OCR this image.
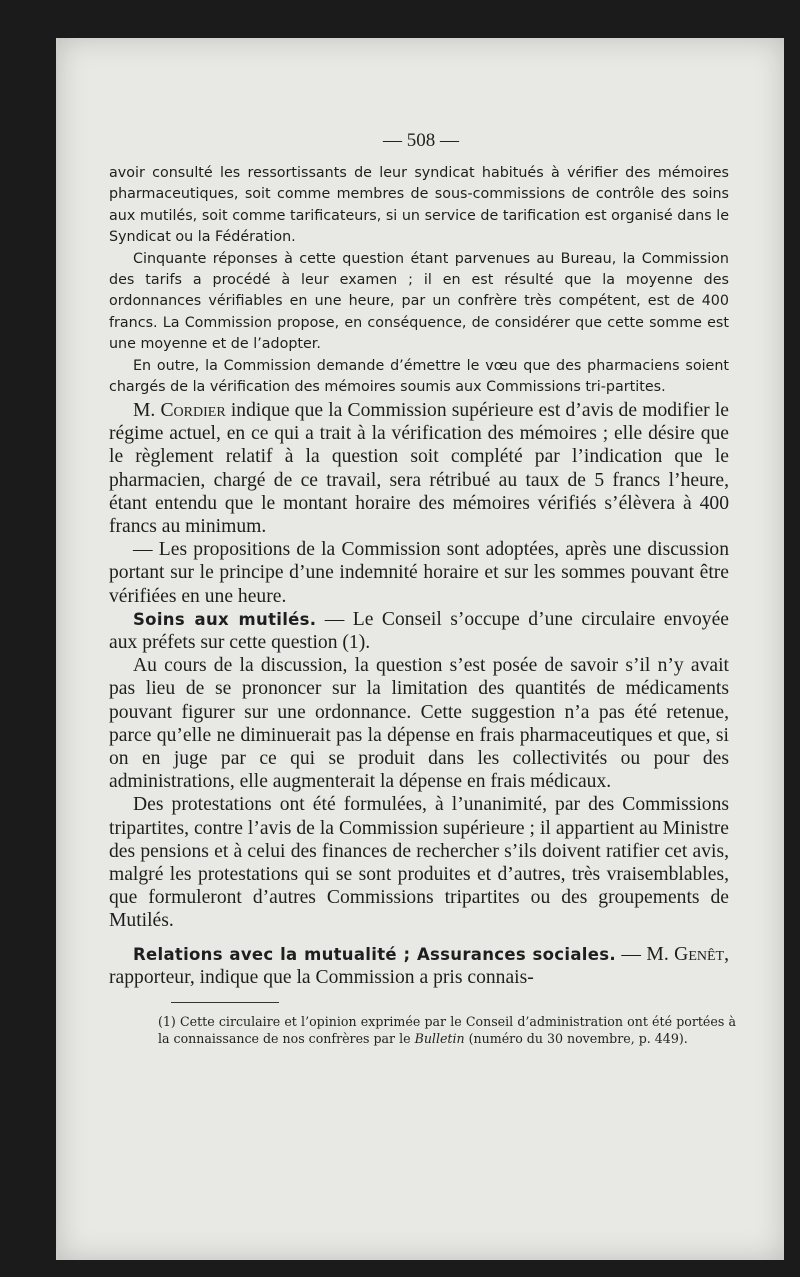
— 508 —

avoir consulté les ressortissants de leur syndicat habitués à vérifier des mémoires pharmaceutiques, soit comme membres de sous-commissions de contrôle des soins aux mutilés, soit comme tarificateurs, si un service de tarification est organisé dans le Syndicat ou la Fédération.

Cinquante réponses à cette question étant parvenues au Bureau, la Commission des tarifs a procédé à leur examen ; il en est résulté que la moyenne des ordonnances vérifiables en une heure, par un confrère très compétent, est de 400 francs. La Commission propose, en conséquence, de considérer que cette somme est une moyenne et de l’adopter.

En outre, la Commission demande d’émettre le vœu que des pharmaciens soient chargés de la vérification des mémoires soumis aux Commissions tri-partites.

M. Cordier indique que la Commission supérieure est d’avis de modifier le régime actuel, en ce qui a trait à la vérification des mémoires ; elle désire que le règlement relatif à la question soit complété par l’indication que le pharmacien, chargé de ce travail, sera rétribué au taux de 5 francs l’heure, étant entendu que le montant horaire des mémoires vérifiés s’élèvera à 400 francs au minimum.

— Les propositions de la Commission sont adoptées, après une discussion portant sur le principe d’une indemnité horaire et sur les sommes pouvant être vérifiées en une heure.

Soins aux mutilés. — Le Conseil s’occupe d’une circulaire envoyée aux préfets sur cette question (1).

Au cours de la discussion, la question s’est posée de savoir s’il n’y avait pas lieu de se prononcer sur la limitation des quantités de médicaments pouvant figurer sur une ordonnance. Cette suggestion n’a pas été retenue, parce qu’elle ne diminuerait pas la dépense en frais pharmaceutiques et que, si on en juge par ce qui se produit dans les collectivités ou pour des administrations, elle augmenterait la dépense en frais médicaux.

Des protestations ont été formulées, à l’unanimité, par des Commissions tripartites, contre l’avis de la Commission supérieure ; il appartient au Ministre des pensions et à celui des finances de rechercher s’ils doivent ratifier cet avis, malgré les protestations qui se sont produites et d’autres, très vraisemblables, que formuleront d’autres Commissions tripartites ou des groupements de Mutilés.

Relations avec la mutualité ; Assurances sociales. — M. Genêt, rapporteur, indique que la Commission a pris connais-

(1) Cette circulaire et l’opinion exprimée par le Conseil d’administration ont été portées à la connaissance de nos confrères par le Bulletin (numéro du 30 novembre, p. 449).
